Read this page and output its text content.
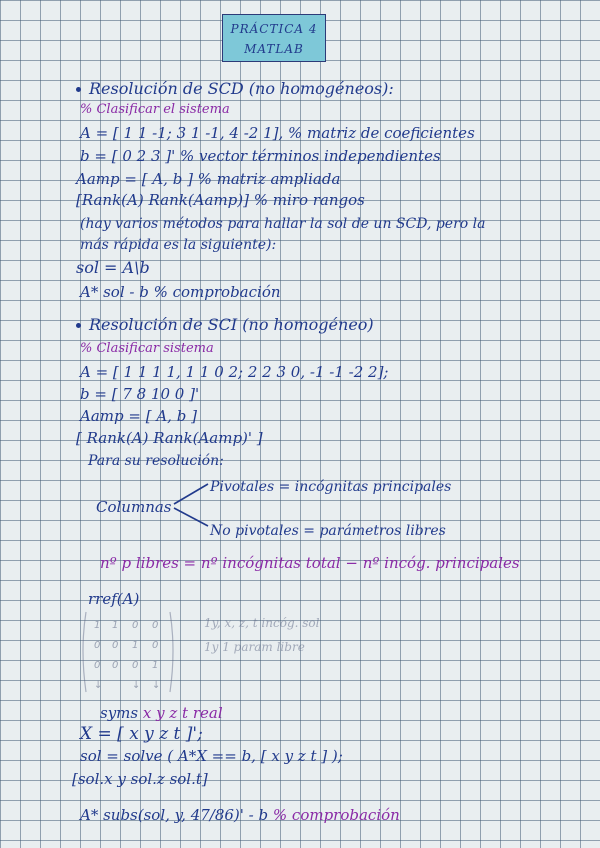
PRÁCTICA 4
MATLAB
Resolución de SCD (no homogéneos):
% Clasificar el sistema
A = [ 1 1 -1; 3 1 -1, 4 -2 1], % matriz de coeficientes
b = [ 0 2 3 ]' % vector términos independientes
Aamp = [ A, b ] % matriz ampliada
[Rank(A) Rank(Aamp)] % miro rangos
(hay varios métodos para hallar la sol de un SCD, pero la
más rápida es la siguiente):
sol = A\b
A* sol - b % comprobación
Resolución de SCI (no homogéneo)
% Clasificar sistema
A = [ 1 1 1 1, 1 1 0 2; 2 2 3 0, -1 -1 -2 2];
b = [ 7 8 10 0 ]'
Aamp = [ A, b ]
[ Rank(A) Rank(Aamp)' ]
Para su resolución:
Columnas
Pivotales = incógnitas principales
No pivotales = parámetros libres
nº p libres = nº incógnitas total − nº incóg. principales
rref(A)
1 1 0 0
0 0 1 0
0 0 0 1
↓	↓ ↓
1y, x, z, t incóg. sol
1y 1 param libre
syms x y z t real
X = [ x y z t ]';
sol = solve ( A*X == b, [ x y z t ] );
[sol.x y sol.z sol.t]
A* subs(sol, y, 47/86)' - b % comprobación
